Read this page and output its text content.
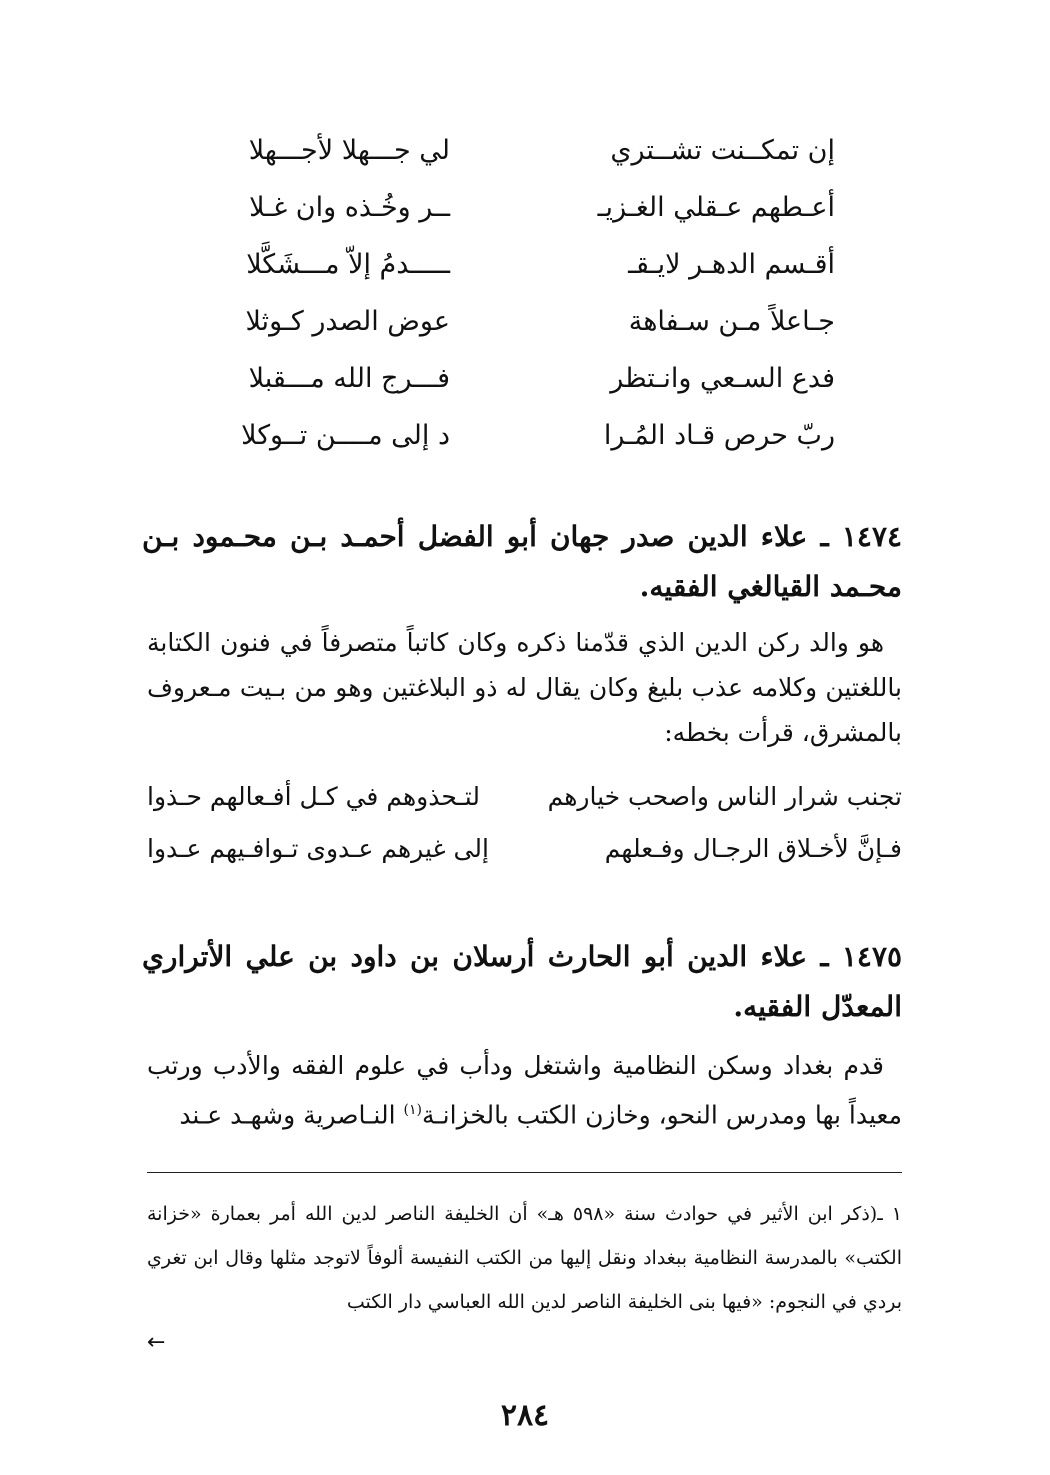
إن تمكــنت تشــتري
لي جـــهلا لأجـــهلا
أعـطهم عـقلي الغـزيـ
ــر وخُـذه وان غـلا
أقـسم الدهـر لايـقـ
ـــــدمُ إلاّ مـــشَكَّلا
جـاعلاً مـن سـفاهة
عوض الصدر كـوثلا
فدع السـعي وانـتظر
فـــرج الله مـــقبلا
ربّ حرص قـاد المُـرا
د إلى مــــن تــوكلا
١٤٧٤ ـ علاء الدين صدر جهان أبو الفضل أحمـد بـن محـمود بـن محـمد القيالغي الفقيه.
هو والد ركن الدين الذي قدّمنا ذكره وكان كاتباً متصرفاً في فنون الكتابة باللغتين وكلامه عذب بليغ وكان يقال له ذو البلاغتين وهو من بـيت مـعروف بالمشرق، قرأت بخطه:
تجنب شرار الناس واصحب خيارهم
لتـحذوهم في كـل أفـعالهم حـذوا
فـإنَّ لأخـلاق الرجـال وفـعلهم
إلى غيرهم عـدوى تـوافـيهم عـدوا
١٤٧٥ ـ علاء الدين أبو الحارث أرسلان بن داود بن علي الأتراري المعدّل الفقيه.
قدم بغداد وسكن النظامية واشتغل ودأب في علوم الفقه والأدب ورتب معيداً بها ومدرس النحو، وخازن الكتب بالخزانـة$^{(١)}$ النـاصرية وشهـد عـند
١ ـ(ذكر ابن الأثير في حوادث سنة «٥٩٨ هـ» أن الخليفة الناصر لدين الله أمر بعمارة «خزانة الكتب» بالمدرسة النظامية ببغداد ونقل إليها من الكتب النفيسة ألوفاً لاتوجد مثلها وقال ابن تغري بردي في النجوم: «فيها بنى الخليفة الناصر لدين الله العباسي دار الكتب
←
٢٨٤
